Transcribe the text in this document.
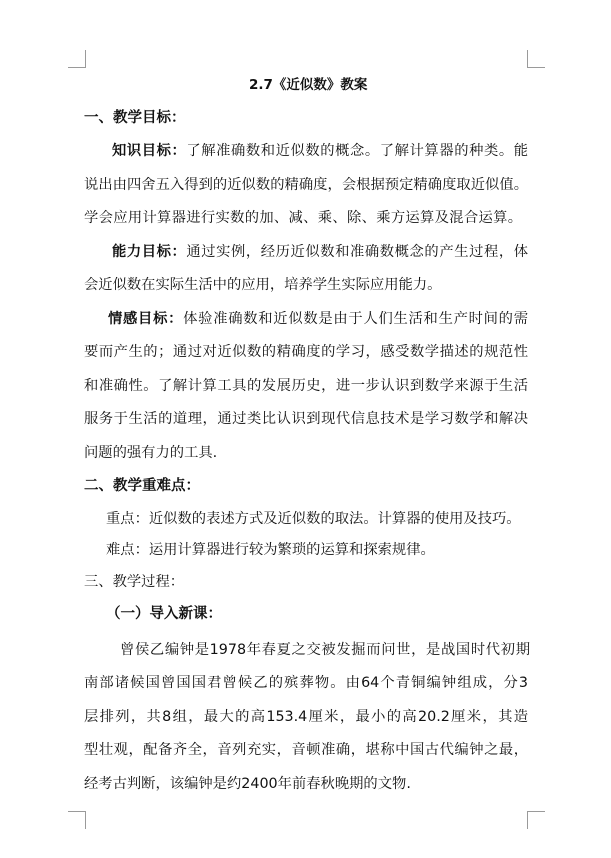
2.7《近似数》教案
一、教学目标：
知识目标：了解准确数和近似数的概念。了解计算器的种类。能
说出由四舍五入得到的近似数的精确度，会根据预定精确度取近似值。
学会应用计算器进行实数的加、减、乘、除、乘方运算及混合运算。
能力目标：通过实例，经历近似数和准确数概念的产生过程，体
会近似数在实际生活中的应用，培养学生实际应用能力。
情感目标：体验准确数和近似数是由于人们生活和生产时间的需
要而产生的；通过对近似数的精确度的学习，感受数学描述的规范性
和准确性。了解计算工具的发展历史，进一步认识到数学来源于生活
服务于生活的道理，通过类比认识到现代信息技术是学习数学和解决
问题的强有力的工具.
二、教学重难点：
重点：近似数的表述方式及近似数的取法。计算器的使用及技巧。
难点：运用计算器进行较为繁琐的运算和探索规律。
三、教学过程：
（一）导入新课：
曾侯乙编钟是1978年春夏之交被发掘而问世，是战国时代初期
南部诸候国曾国国君曾候乙的殡葬物。由64个青铜编钟组成，分3
层排列，共8组，最大的高153.4厘米，最小的高20.2厘米，其造
型壮观，配备齐全，音列充实，音顿准确，堪称中国古代编钟之最，
经考古判断，该编钟是约2400年前春秋晚期的文物.
